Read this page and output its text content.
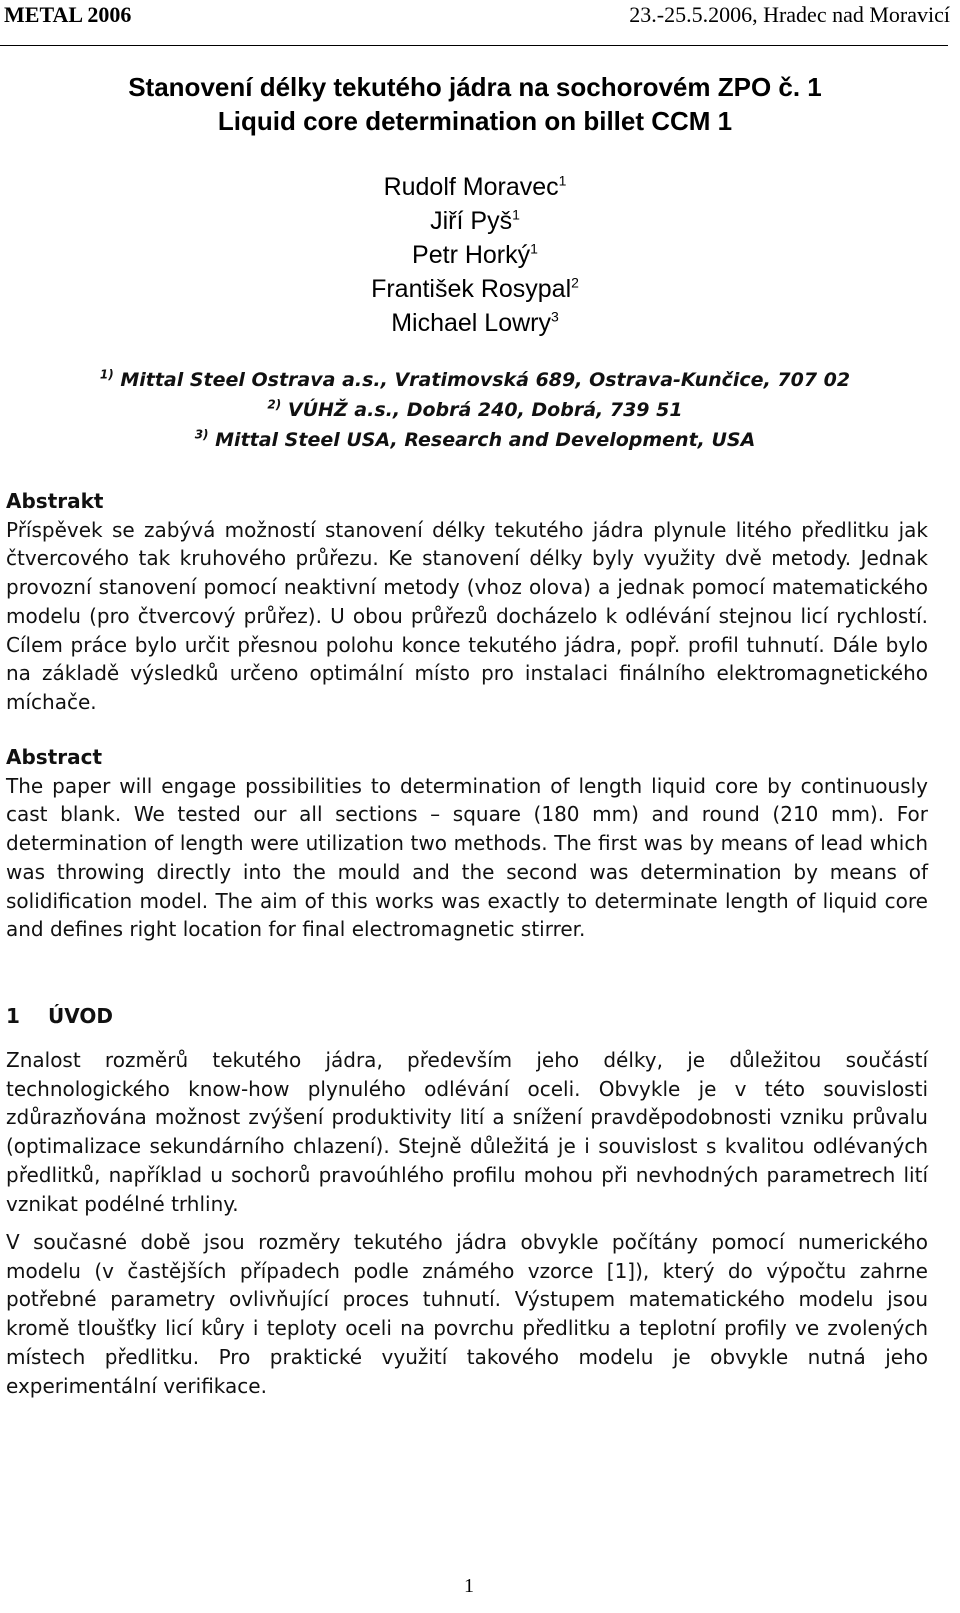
METAL 2006	23.-25.5.2006, Hradec nad Moravicí
Stanovení délky tekutého jádra na sochorovém ZPO č. 1
Liquid core determination on billet CCM 1
Rudolf Moravec$^1$
Jiří Pyš$^1$
Petr Horký$^1$
František Rosypal$^2$
Michael Lowry$^3$
$^{1)}$ Mittal Steel Ostrava a.s., Vratimovská 689, Ostrava-Kunčice, 707 02
$^{2)}$ VÚHŽ a.s., Dobrá 240, Dobrá, 739 51
$^{3)}$ Mittal Steel USA, Research and Development, USA
Abstrakt
Příspěvek se zabývá možností stanovení délky tekutého jádra plynule litého předlitku jak čtvercového tak kruhového průřezu. Ke stanovení délky byly využity dvě metody. Jednak provozní stanovení pomocí neaktivní metody (vhoz olova) a jednak pomocí matematického modelu (pro čtvercový průřez). U obou průřezů docházelo k odlévání stejnou licí rychlostí. Cílem práce bylo určit přesnou polohu konce tekutého jádra, popř. profil tuhnutí. Dále bylo na základě výsledků určeno optimální místo pro instalaci finálního elektromagnetického míchače.
Abstract
The paper will engage possibilities to determination of length liquid core by continuously cast blank. We tested our all sections – square (180 mm) and round (210 mm). For determination of length were utilization two methods. The first was by means of lead which was throwing directly into the mould and the second was determination by means of solidification model. The aim of this works was exactly to determinate length of liquid core and defines right location for final electromagnetic stirrer.
1 ÚVOD
Znalost rozměrů tekutého jádra, především jeho délky, je důležitou součástí technologického know-how plynulého odlévání oceli. Obvykle je v této souvislosti zdůrazňována možnost zvýšení produktivity lití a snížení pravděpodobnosti vzniku průvalu (optimalizace sekundárního chlazení). Stejně důležitá je i souvislost s kvalitou odlévaných předlitků, například u sochorů pravoúhlého profilu mohou při nevhodných parametrech lití vznikat podélné trhliny.
V současné době jsou rozměry tekutého jádra obvykle počítány pomocí numerického modelu (v častějších případech podle známého vzorce [1]), který do výpočtu zahrne potřebné parametry ovlivňující proces tuhnutí. Výstupem matematického modelu jsou kromě tloušťky licí kůry i teploty oceli na povrchu předlitku a teplotní profily ve zvolených místech předlitku. Pro praktické využití takového modelu je obvykle nutná jeho experimentální verifikace.
1
